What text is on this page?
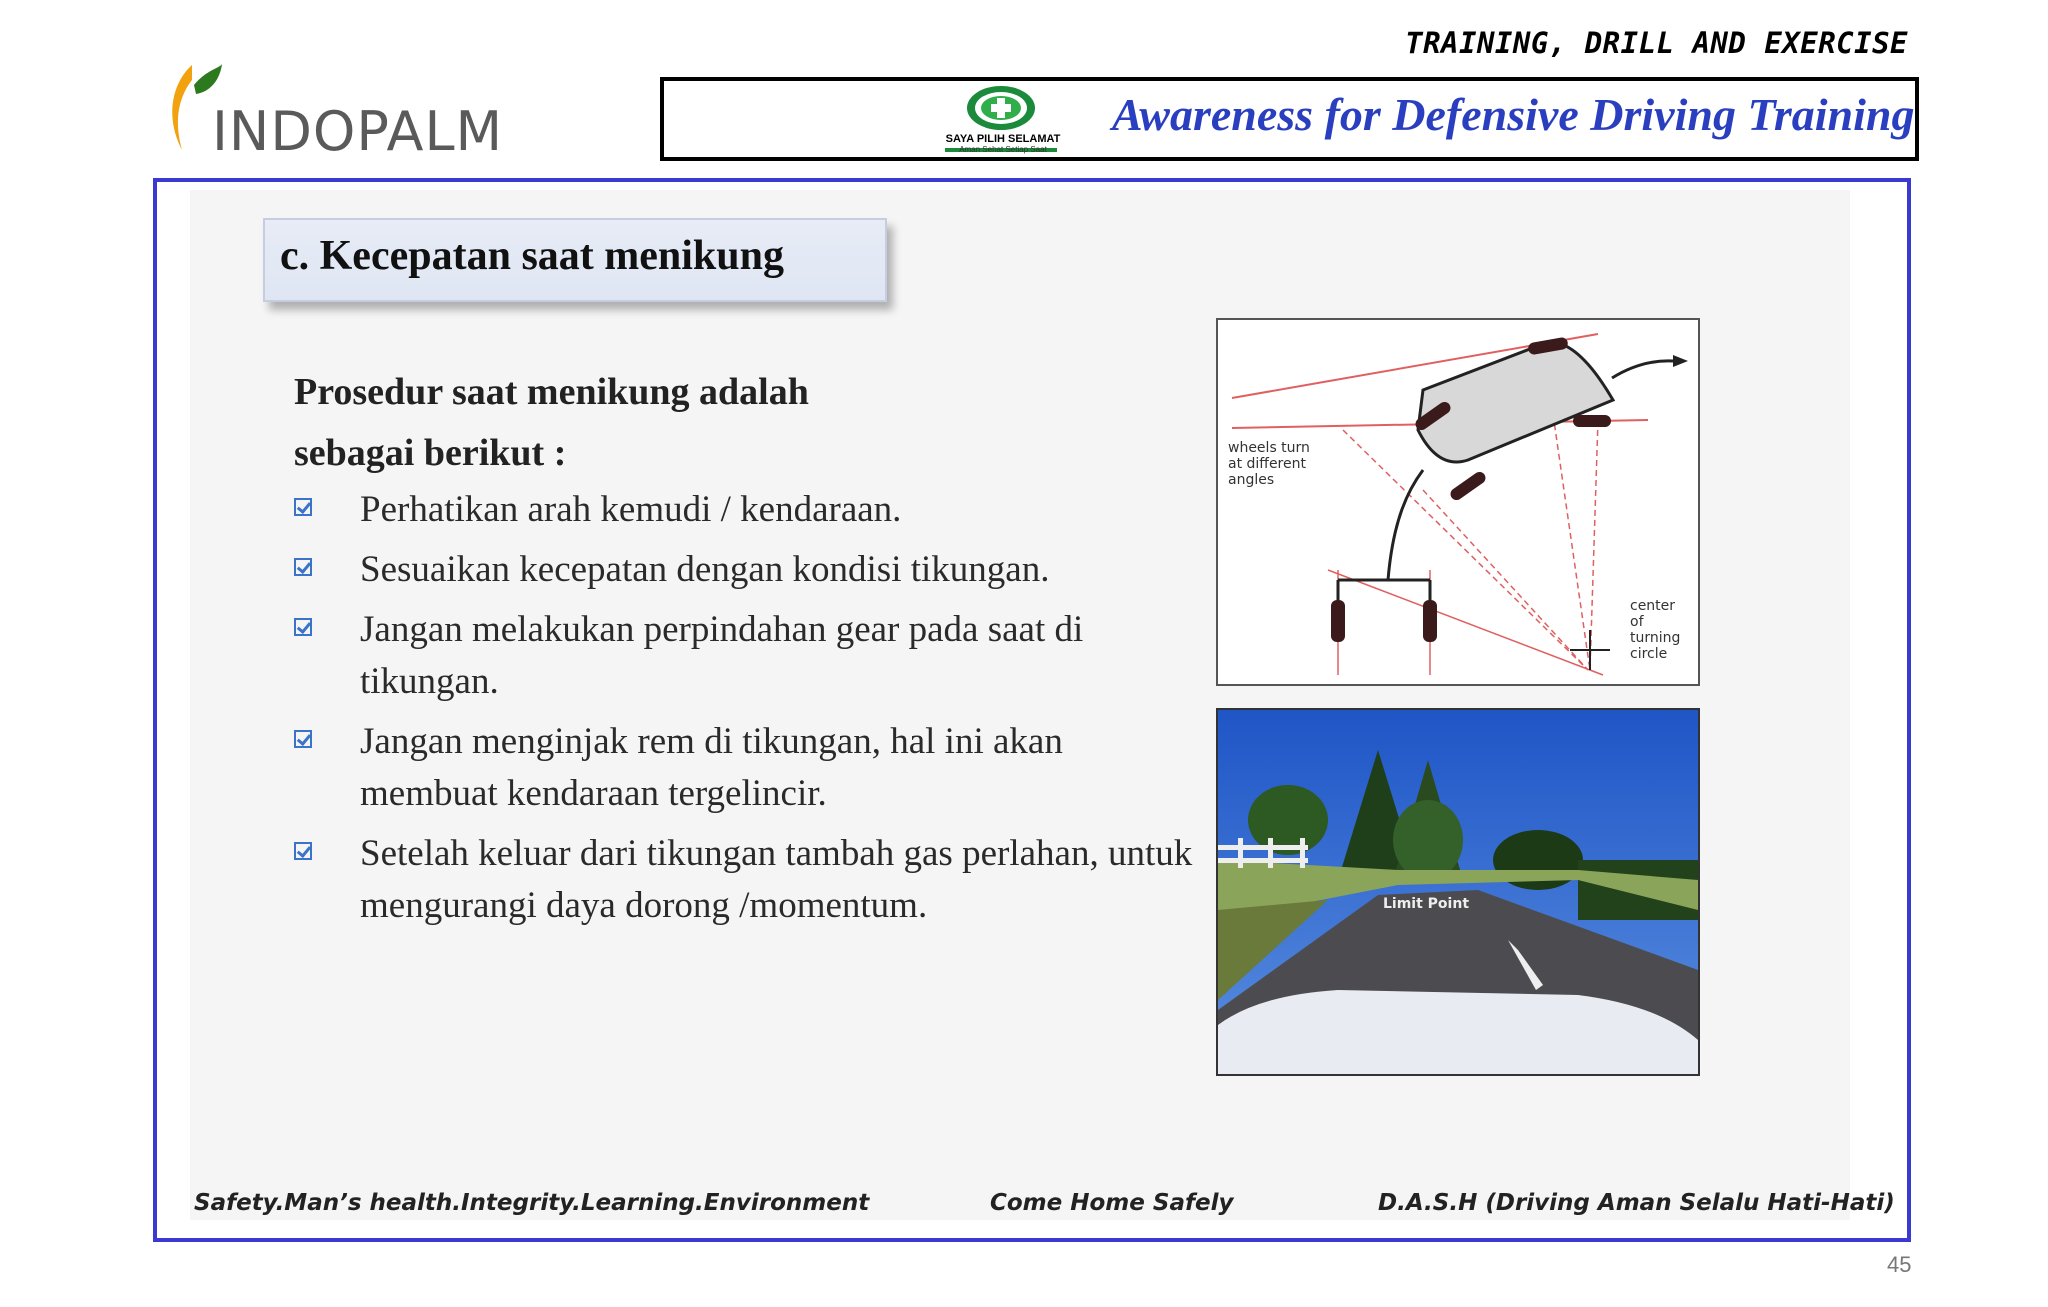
INDOPALM
TRAINING, DRILL AND EXERCISE
SAYA PILIH SELAMAT
Aman Sehat Setiap Saat
Awareness for Defensive Driving Training
c. Kecepatan saat menikung
Prosedur saat menikung adalah
sebagai berikut :
Perhatikan arah kemudi / kendaraan.
Sesuaikan kecepatan dengan kondisi tikungan.
Jangan melakukan perpindahan gear pada saat di tikungan.
Jangan menginjak rem di tikungan, hal ini akan membuat kendaraan tergelincir.
Setelah keluar dari tikungan tambah gas perlahan, untuk mengurangi daya dorong /momentum.
wheels turn
at different
angles
center
of
turning
circle
Limit Point
Safety.Man’s health.Integrity.Learning.Environment	Come Home Safely	D.A.S.H (Driving Aman Selalu Hati-Hati)
45
